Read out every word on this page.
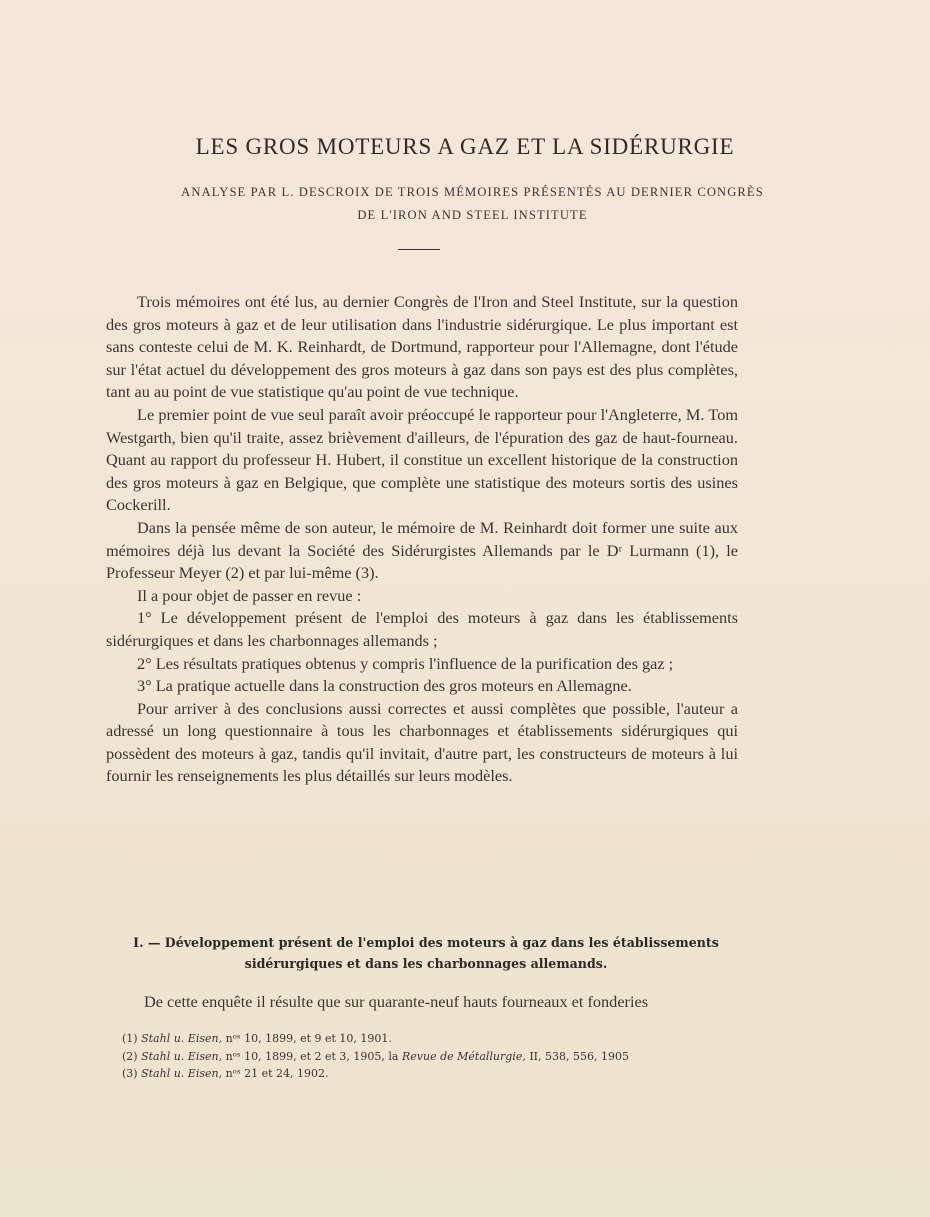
LES GROS MOTEURS A GAZ ET LA SIDÉRURGIE
ANALYSE PAR L. DESCROIX DE TROIS MÉMOIRES PRÉSENTÉS AU DERNIER CONGRÈS
DE L'IRON AND STEEL INSTITUTE

Trois mémoires ont été lus, au dernier Congrès de l'Iron and Steel Institute, sur la question des gros moteurs à gaz et de leur utilisation dans l'industrie sidérurgique. Le plus important est sans conteste celui de M. K. Reinhardt, de Dortmund, rapporteur pour l'Allemagne, dont l'étude sur l'état actuel du développement des gros moteurs à gaz dans son pays est des plus complètes, tant au au point de vue statistique qu'au point de vue technique.

Le premier point de vue seul paraît avoir préoccupé le rapporteur pour l'Angleterre, M. Tom Westgarth, bien qu'il traite, assez brièvement d'ailleurs, de l'épuration des gaz de haut-fourneau. Quant au rapport du professeur H. Hubert, il constitue un excellent historique de la construction des gros moteurs à gaz en Belgique, que complète une statistique des moteurs sortis des usines Cockerill.

Dans la pensée même de son auteur, le mémoire de M. Reinhardt doit former une suite aux mémoires déjà lus devant la Société des Sidérurgistes Allemands par le Dʳ Lurmann (1), le Professeur Meyer (2) et par lui-même (3).

Il a pour objet de passer en revue :

1° Le développement présent de l'emploi des moteurs à gaz dans les établissements sidérurgiques et dans les charbonnages allemands ;

2° Les résultats pratiques obtenus y compris l'influence de la purification des gaz ;

3° La pratique actuelle dans la construction des gros moteurs en Allemagne.

Pour arriver à des conclusions aussi correctes et aussi complètes que possible, l'auteur a adressé un long questionnaire à tous les charbonnages et établissements sidérurgiques qui possèdent des moteurs à gaz, tandis qu'il invitait, d'autre part, les constructeurs de moteurs à lui fournir les renseignements les plus détaillés sur leurs modèles.

I. — Développement présent de l'emploi des moteurs à gaz dans les établissements
sidérurgiques et dans les charbonnages allemands.

De cette enquête il résulte que sur quarante-neuf hauts fourneaux et fonderies

(1) Stahl u. Eisen, nᵒˢ 10, 1899, et 9 et 10, 1901.
(2) Stahl u. Eisen, nᵒˢ 10, 1899, et 2 et 3, 1905, la Revue de Métallurgie, II, 538, 556, 1905
(3) Stahl u. Eisen, nᵒˢ 21 et 24, 1902.
